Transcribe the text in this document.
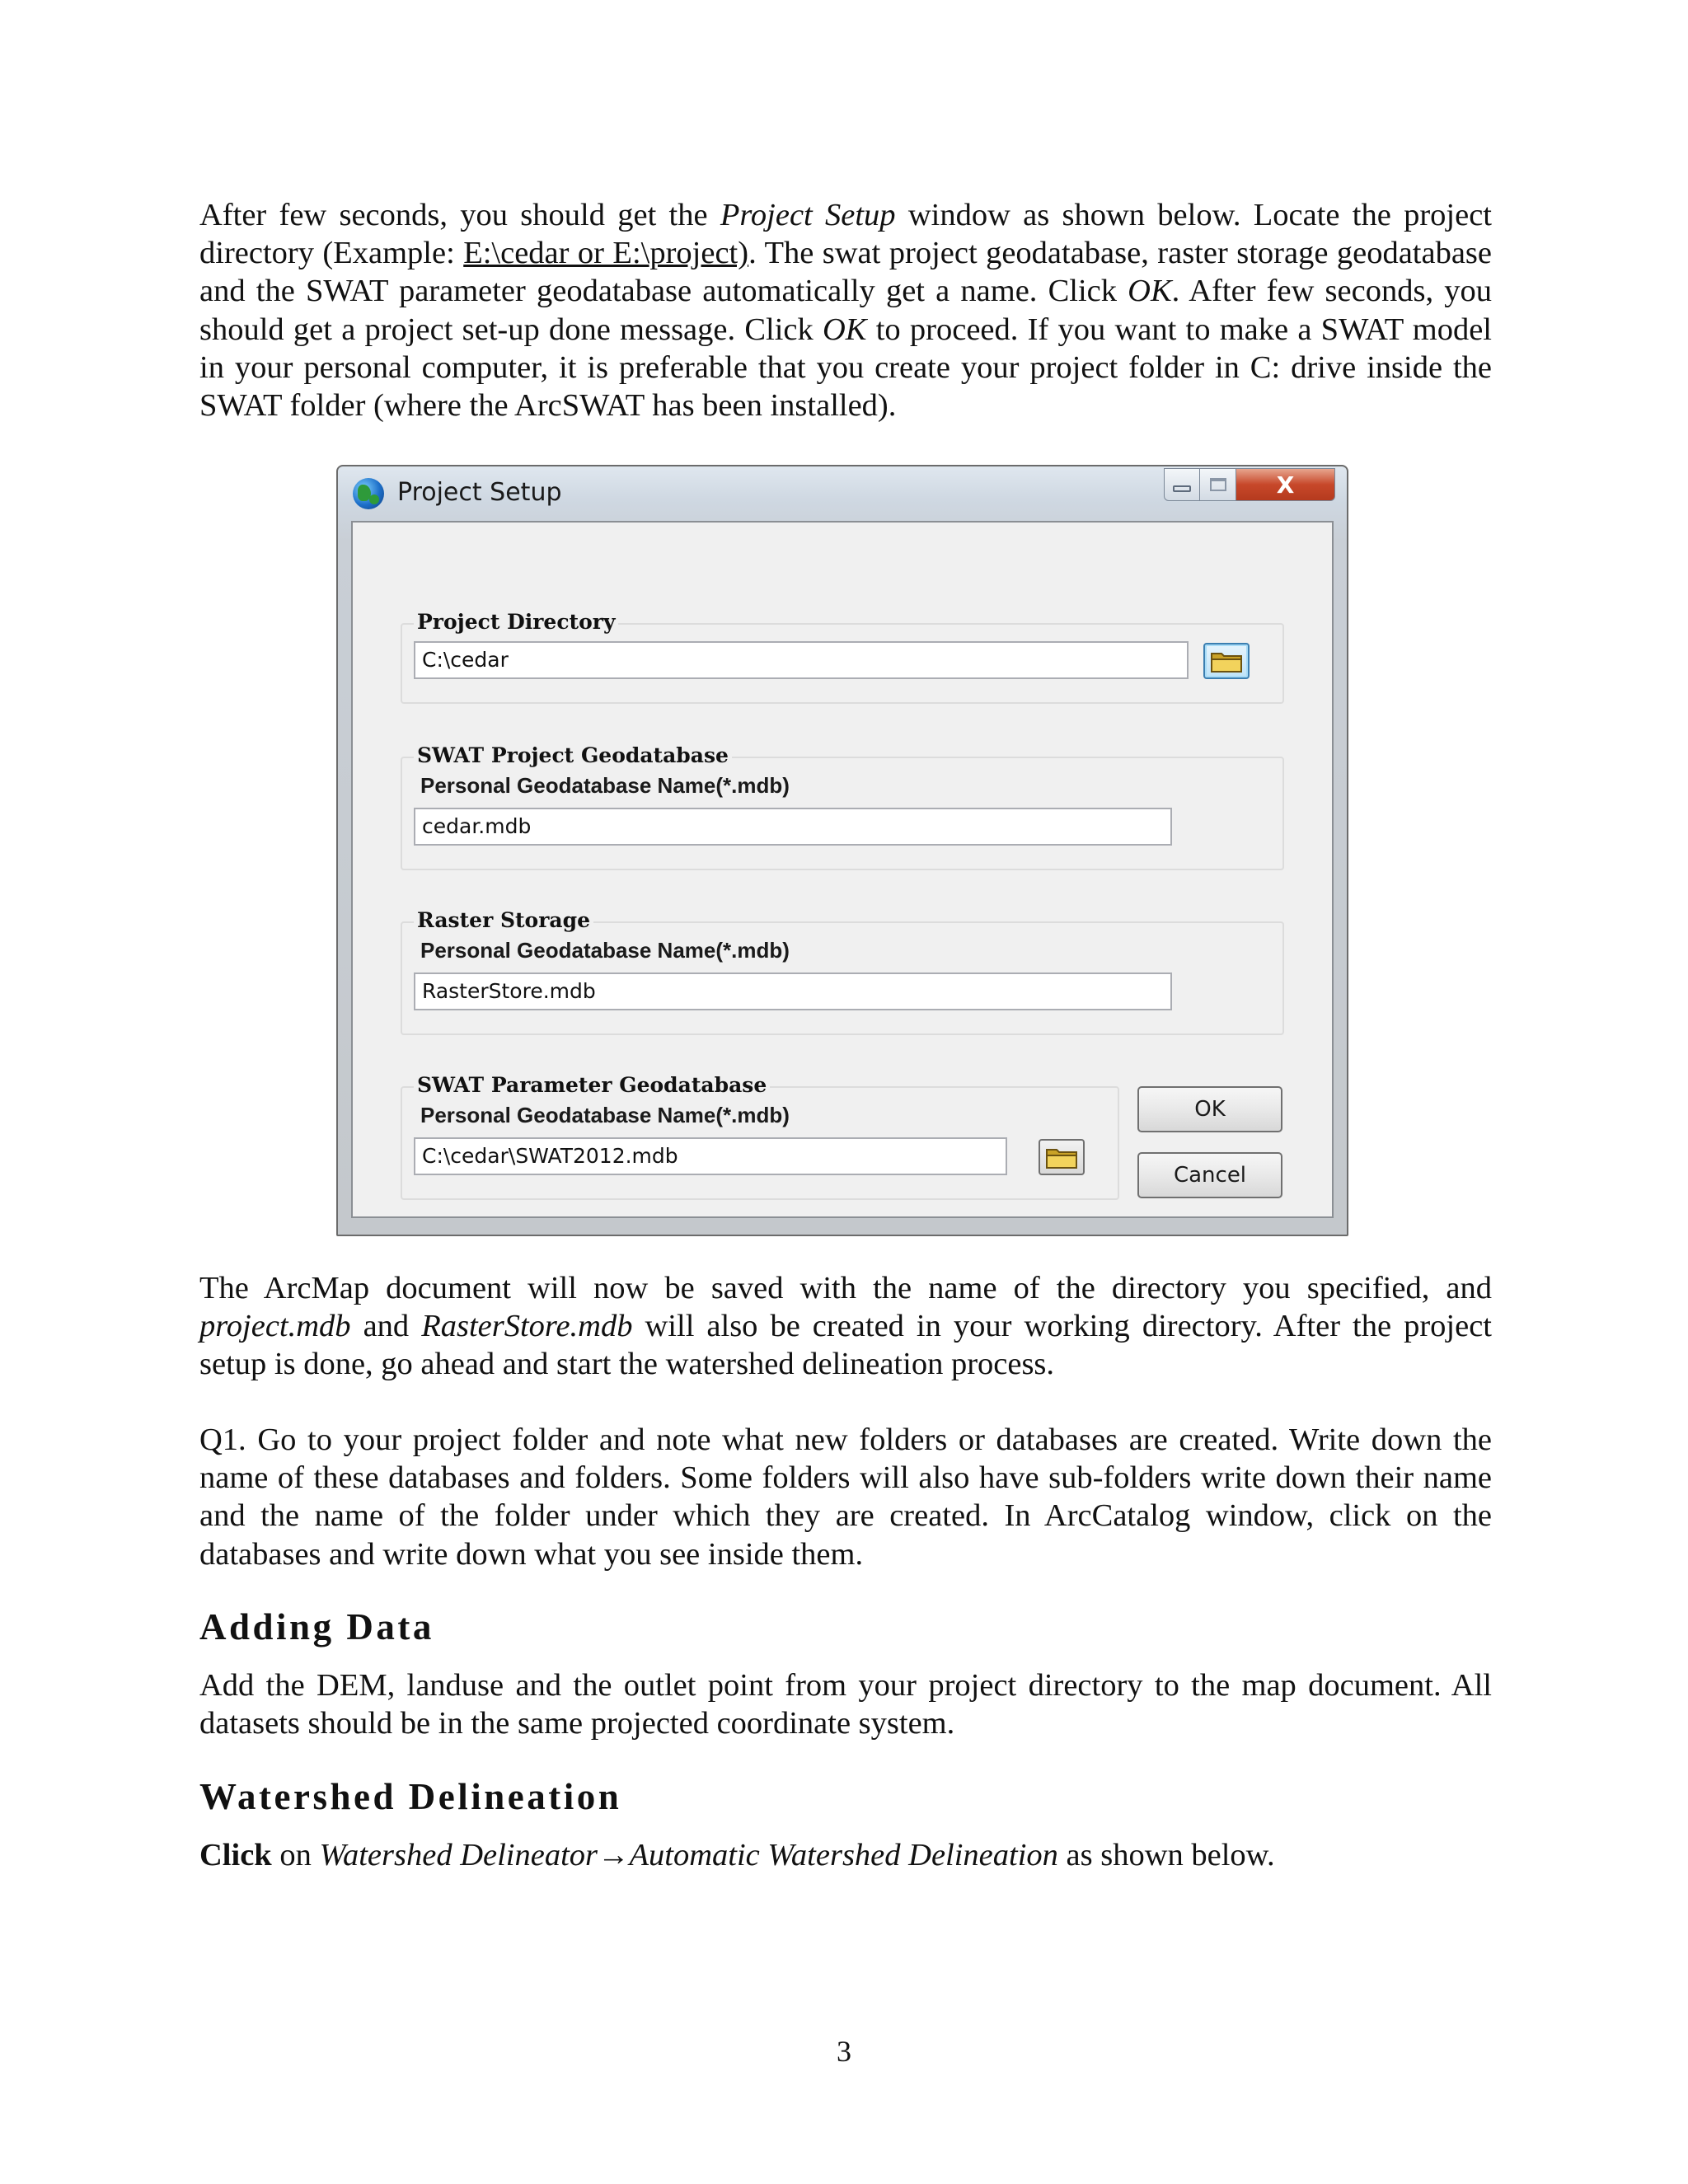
After few seconds, you should get the Project Setup window as shown below. Locate the project directory (Example: E:\cedar or E:\project). The swat project geodatabase, raster storage geodatabase and the SWAT parameter geodatabase automatically get a name. Click OK. After few seconds, you should get a project set-up done message. Click OK to proceed. If you want to make a SWAT model in your personal computer, it is preferable that you create your project folder in C: drive inside the SWAT folder (where the ArcSWAT has been installed).

Project Setup	X
Project Directory
C:\cedar
SWAT Project Geodatabase
Personal Geodatabase Name(*.mdb)
cedar.mdb
Raster Storage
Personal Geodatabase Name(*.mdb)
RasterStore.mdb
SWAT Parameter Geodatabase
Personal Geodatabase Name(*.mdb)
C:\cedar\SWAT2012.mdb
OK
Cancel

The ArcMap document will now be saved with the name of the directory you specified, and project.mdb and RasterStore.mdb will also be created in your working directory. After the project setup is done, go ahead and start the watershed delineation process.

Q1. Go to your project folder and note what new folders or databases are created. Write down the name of these databases and folders. Some folders will also have sub-folders write down their name and the name of the folder under which they are created. In ArcCatalog window, click on the databases and write down what you see inside them.

Adding Data

Add the DEM, landuse and the outlet point from your project directory to the map document. All datasets should be in the same projected coordinate system.

Watershed Delineation

Click on Watershed Delineator→Automatic Watershed Delineation as shown below.

3
